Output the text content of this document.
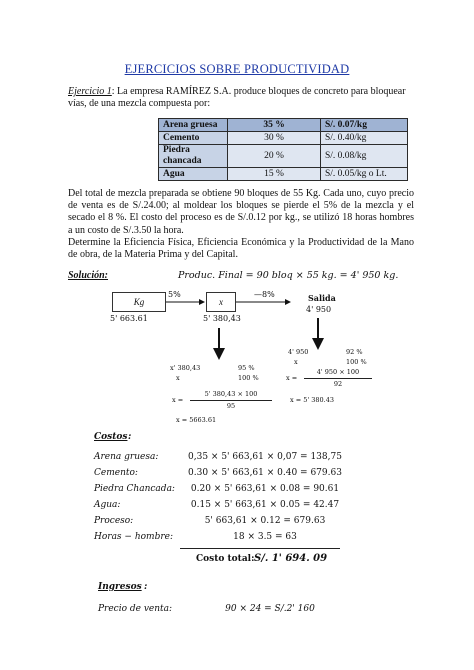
EJERCICIOS SOBRE PRODUCTIVIDAD
Ejercicio 1: La empresa RAMÍREZ S.A. produce bloques de concreto para bloquear vías, de una mezcla compuesta por:
Arena gruesa	35 %	S/. 0.07/kg
Cemento	30 %	S/. 0.40/kg
Piedra chancada	20 %	S/. 0.08/kg
Agua	15 %	S/. 0.05/kg o Lt.
Del total de mezcla preparada se obtiene 90 bloques de 55 Kg. Cada uno, cuyo precio de venta es de S/.24.00; al moldear los bloques se pierde el 5% de la mezcla y el secado el 8 %. El costo del proceso es de S/.0.12 por kg., se utilizó 18 horas hombres a un costo de S/.3.50 la hora.
Determine la Eficiencia Física, Eficiencia Económica y la Productividad de la Mano de obra, de la Materia Prima y del Capital.
Solución:	Produc. Final = 90 bloq × 55 kg. = 4' 950 kg.
Kg	x
5%	—8%	Salida
4' 950
5' 663.61	5' 380,43
x' 380,43	95 %
x	100 %
x =
5' 380,43 × 100
95
x = 5663.61
4' 950	92 %
x	100 %
x =
4' 950 × 100
92
x = 5' 380.43
Costos :
Arena gruesa:	0,35 × 5' 663,61 × 0,07 = 138,75
Cemento:	0.30 × 5' 663,61 × 0.40 = 679.63
Piedra Chancada:	0.20 × 5' 663,61 × 0.08 = 90.61
Agua:	0.15 × 5' 663,61 × 0.05 = 42.47
Proceso:	5' 663,61 × 0.12 = 679.63
Horas − hombre:	18 × 3.5 = 63
Costo total: S/. 1' 694. 09
Ingresos :
Precio de venta:	90 × 24 = S/.2' 160
